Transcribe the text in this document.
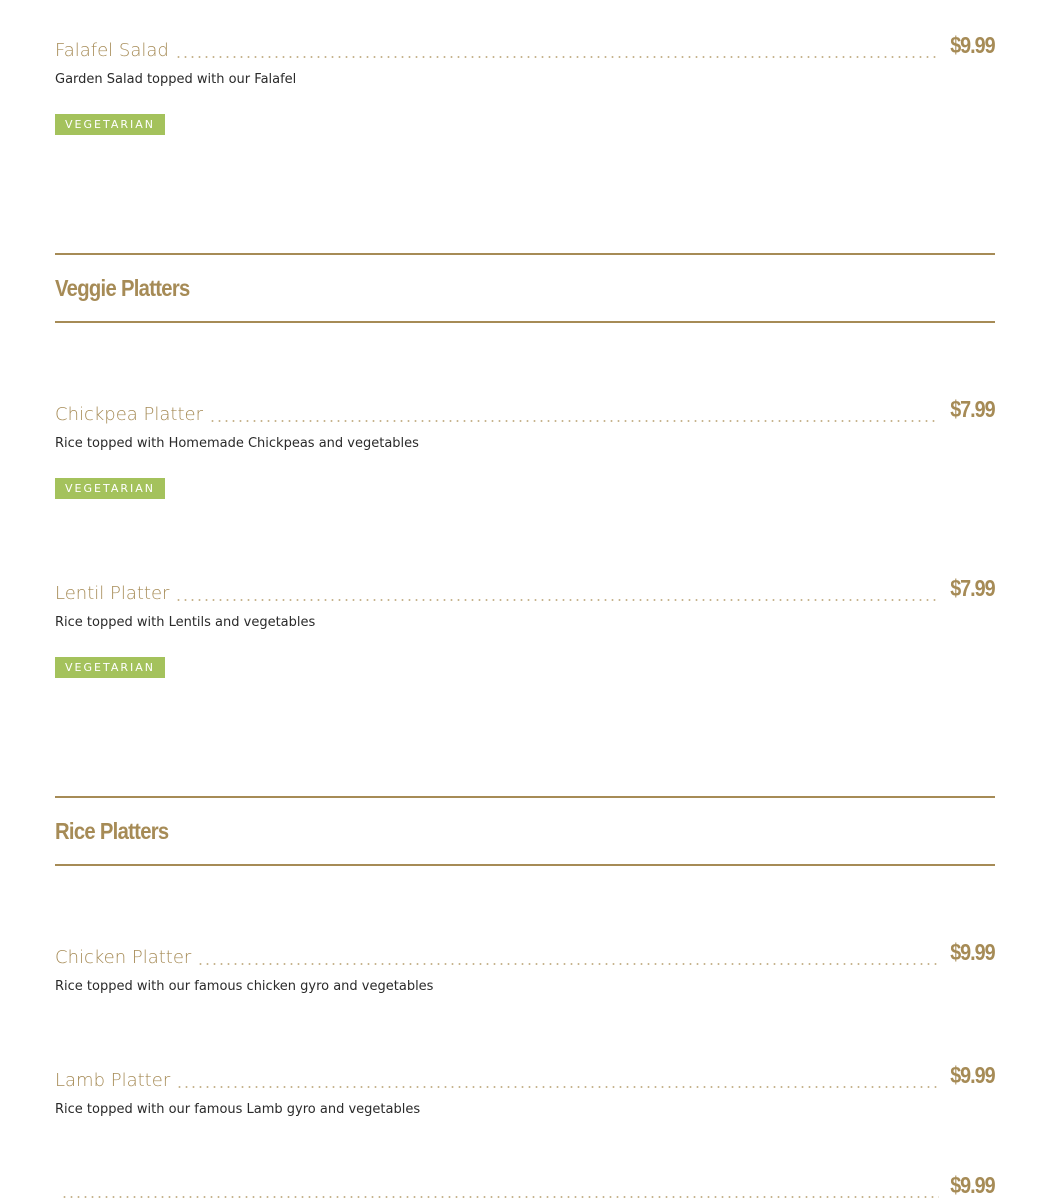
Falafel Salad	$9.99
Garden Salad topped with our Falafel
VEGETARIAN
Veggie Platters
Chickpea Platter	$7.99
Rice topped with Homemade Chickpeas and vegetables
VEGETARIAN
Lentil Platter	$7.99
Rice topped with Lentils and vegetables
VEGETARIAN
Rice Platters
Chicken Platter	$9.99
Rice topped with our famous chicken gyro and vegetables
Lamb Platter	$9.99
Rice topped with our famous Lamb gyro and vegetables
$9.99
